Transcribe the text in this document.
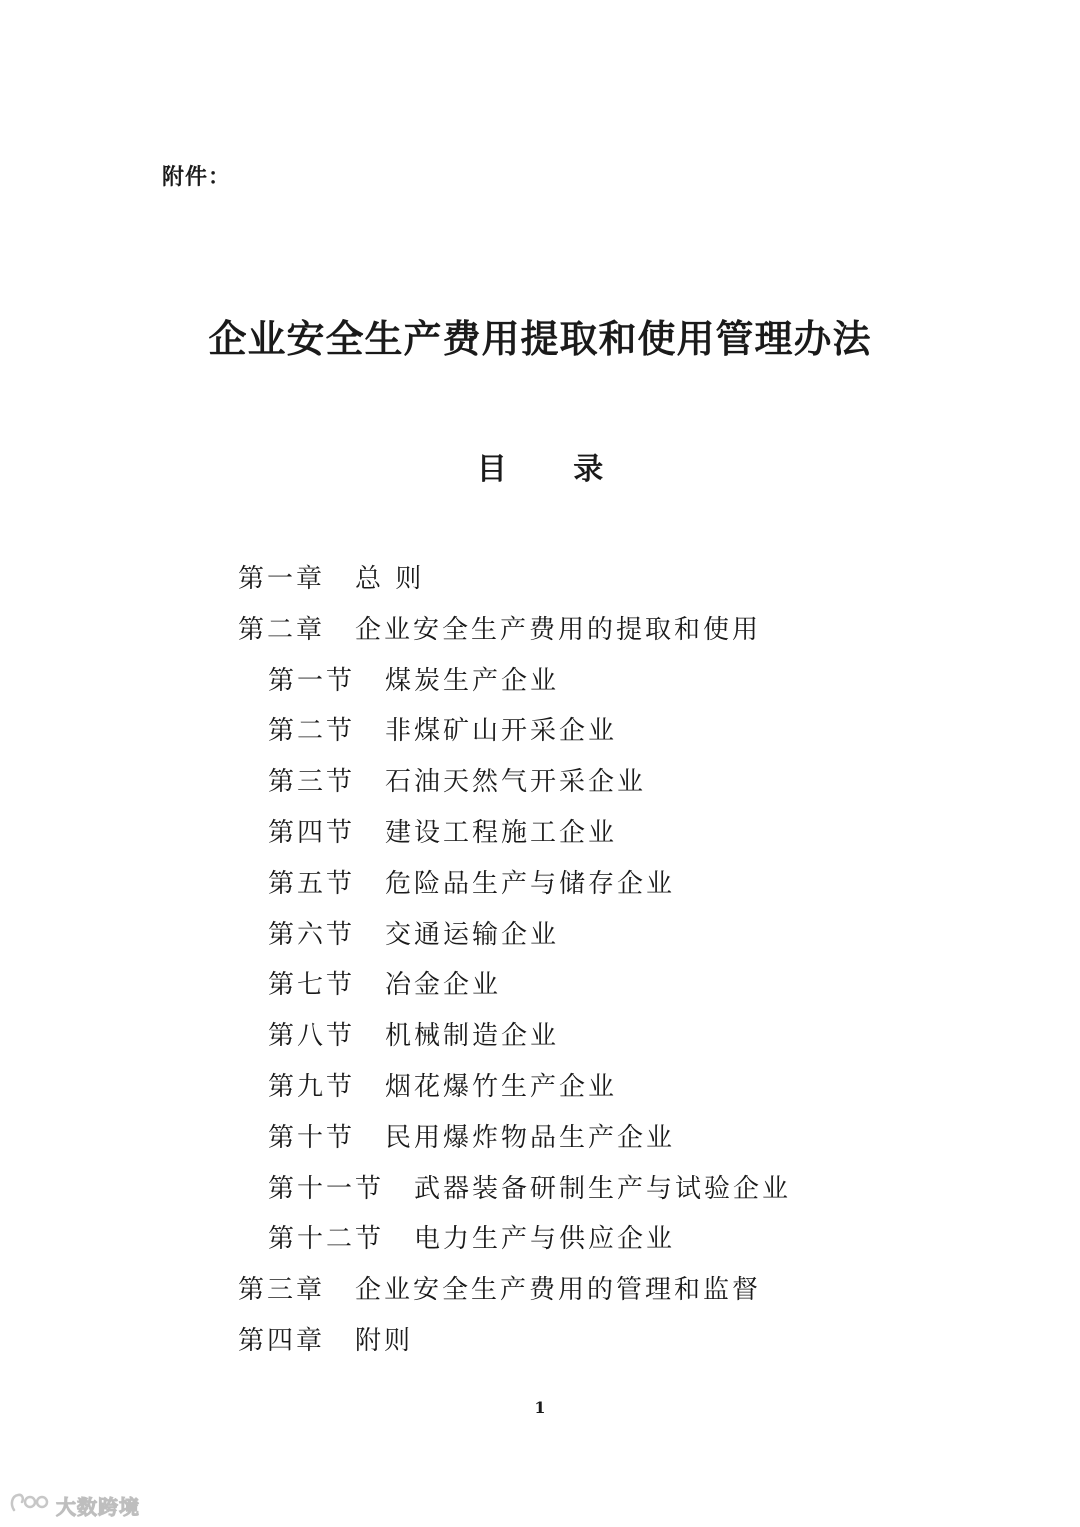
附件：
企业安全生产费用提取和使用管理办法
目 录
第一章 总 则
第二章 企业安全生产费用的提取和使用
第一节 煤炭生产企业
第二节 非煤矿山开采企业
第三节 石油天然气开采企业
第四节 建设工程施工企业
第五节 危险品生产与储存企业
第六节 交通运输企业
第七节 冶金企业
第八节 机械制造企业
第九节 烟花爆竹生产企业
第十节 民用爆炸物品生产企业
第十一节 武器装备研制生产与试验企业
第十二节 电力生产与供应企业
第三章 企业安全生产费用的管理和监督
第四章 附则
1
大数跨境
